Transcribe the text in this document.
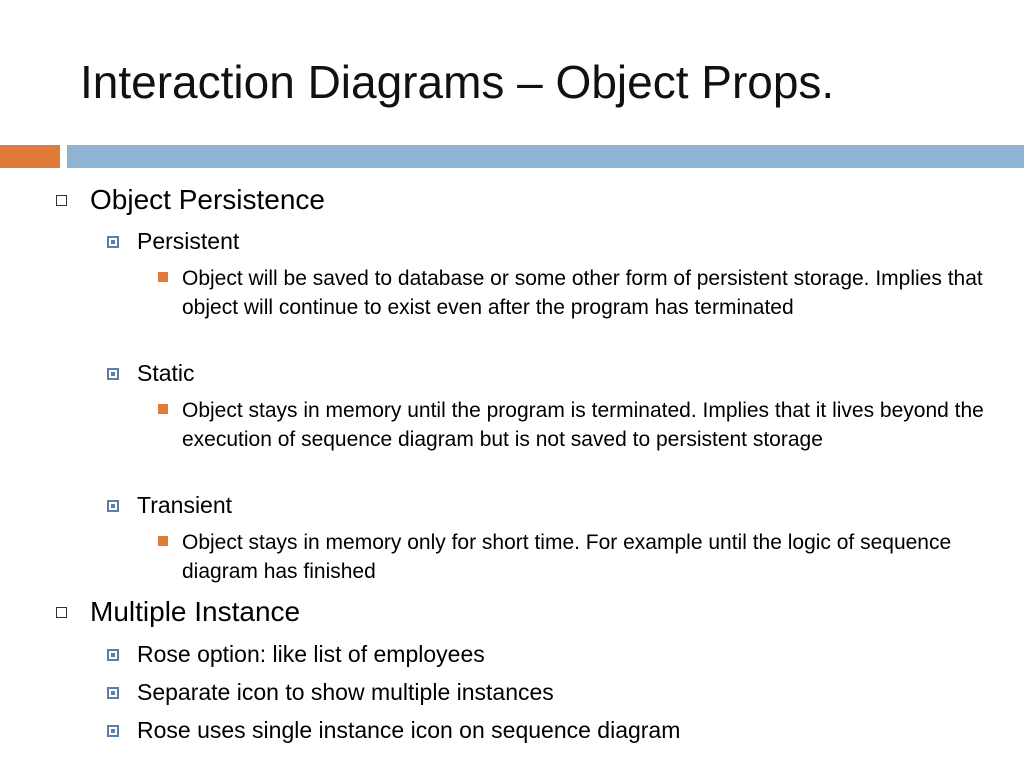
Interaction Diagrams – Object Props.
Object Persistence
Persistent
Object will be saved to database or some other form of persistent storage. Implies that object will continue to exist even after the program has terminated
Static
Object stays in memory until the program is terminated. Implies that it lives beyond the execution of sequence diagram but is not saved to persistent storage
Transient
Object stays in memory only for short time. For example until the logic of sequence diagram has finished
Multiple Instance
Rose option: like list of employees
Separate icon to show multiple instances
Rose uses single instance icon on sequence diagram
